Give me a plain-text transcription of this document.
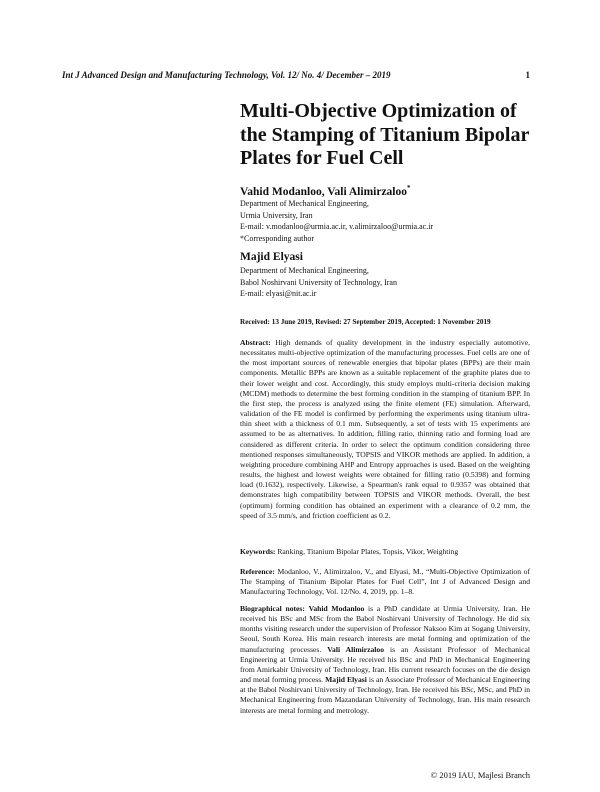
Int J Advanced Design and Manufacturing Technology, Vol. 12/ No. 4/ December – 2019	1
Multi-Objective Optimization of the Stamping of Titanium Bipolar Plates for Fuel Cell
Vahid Modanloo, Vali Alimirzaloo*
Department of Mechanical Engineering,
Urmia University, Iran
E-mail: v.modanloo@urmia.ac.ir, v.alimirzaloo@urmia.ac.ir
*Corresponding author
Majid Elyasi
Department of Mechanical Engineering,
Babol Noshirvani University of Technology, Iran
E-mail: elyasi@nit.ac.ir
Received: 13 June 2019, Revised: 27 September 2019, Accepted: 1 November 2019
Abstract: High demands of quality development in the industry especially automotive, necessitates multi-objective optimization of the manufacturing processes. Fuel cells are one of the most important sources of renewable energies that bipolar plates (BPPs) are their main components. Metallic BPPs are known as a suitable replacement of the graphite plates due to their lower weight and cost. Accordingly, this study employs multi-criteria decision making (MCDM) methods to determine the best forming condition in the stamping of titanium BPP. In the first step, the process is analyzed using the finite element (FE) simulation. Afterward, validation of the FE model is confirmed by performing the experiments using titanium ultra-thin sheet with a thickness of 0.1 mm. Subsequently, a set of tests with 15 experiments are assumed to be as alternatives. In addition, filling ratio, thinning ratio and forming load are considered as different criteria. In order to select the optimum condition considering three mentioned responses simultaneously, TOPSIS and VIKOR methods are applied. In addition, a weighting procedure combining AHP and Entropy approaches is used. Based on the weighting results, the highest and lowest weights were obtained for filling ratio (0.5398) and forming load (0.1632), respectively. Likewise, a Spearman's rank equal to 0.9357 was obtained that demonstrates high compatibility between TOPSIS and VIKOR methods. Overall, the best (optimum) forming condition has obtained an experiment with a clearance of 0.2 mm, the speed of 3.5 mm/s, and friction coefficient as 0.2.
Keywords: Ranking, Titanium Bipolar Plates, Topsis, Vikor, Weighting
Reference: Modanloo, V., Alimirzaloo, V., and Elyasi, M., “Multi-Objective Optimization of The Stamping of Titanium Bipolar Plates for Fuel Cell”, Int J of Advanced Design and Manufacturing Technology, Vol. 12/No. 4, 2019, pp. 1–8.
Biographical notes: Vahid Modanloo is a PhD candidate at Urmia University, Iran. He received his BSc and MSc from the Babol Noshirvani University of Technology. He did six months visiting research under the supervision of Professor Naksoo Kim at Sogang University, Seoul, South Korea. His main research interests are metal forming and optimization of the manufacturing processes. Vali Alimirzaloo is an Assistant Professor of Mechanical Engineering at Urmia University. He received his BSc and PhD in Mechanical Engineering from Amirkabir University of Technology, Iran. His current research focuses on the die design and metal forming process. Majid Elyasi is an Associate Professor of Mechanical Engineering at the Babol Noshirvani University of Technology, Iran. He received his BSc, MSc, and PhD in Mechanical Engineering from Mazandaran University of Technology, Iran. His main research interests are metal forming and metrology.
© 2019 IAU, Majlesi Branch
